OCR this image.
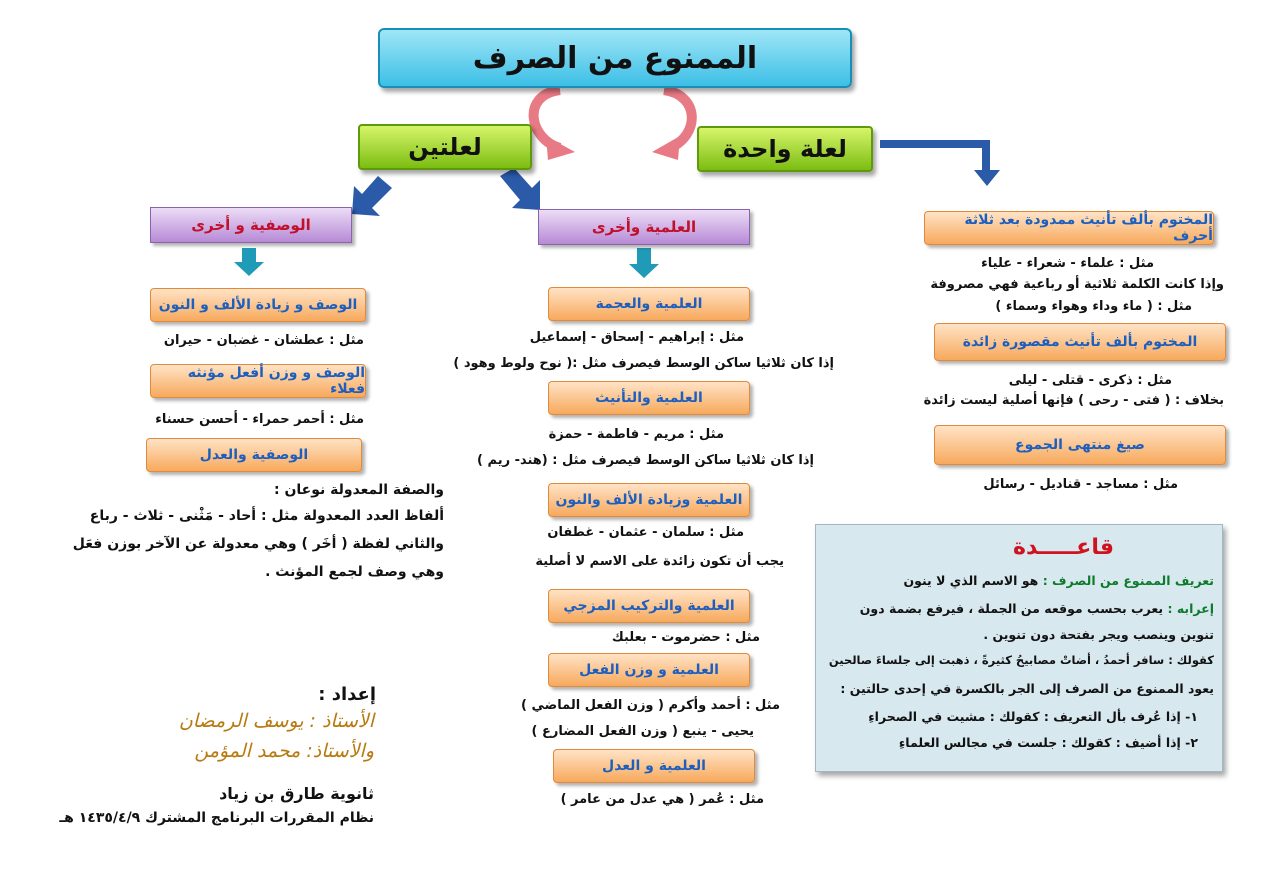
الممنوع من الصرف
لعلة واحدة
لعلتين
العلمية وأخرى
الوصفية و أخرى	المختوم بألف تأنيث ممدودة بعد ثلاثة أحرف
مثل : علماء - شعراء - علياء
وإذا كانت الكلمة ثلاثية أو رباعية فهي مصروفة
مثل : ( ماء وداء وهواء وسماء )
المختوم بألف تأنيث مقصورة زائدة
مثل : ذكرى - قتلى - ليلى
بخلاف : ( فتى - رحى ) فإنها أصلية ليست زائدة
صيغ منتهى الجموع
مثل : مساجد - قناديل - رسائل
العلمية والعجمة
مثل : إبراهيم - إسحاق - إسماعيل
إذا كان ثلاثيا ساكن الوسط فيصرف مثل :( نوح ولوط وهود )
العلمية والتأنيث
مثل : مريم - فاطمة - حمزة
إذا كان ثلاثيا ساكن الوسط فيصرف مثل : (هند- ريم )
العلمية وزيادة الألف والنون
مثل : سلمان - عثمان - غطفان
يجب أن تكون زائدة على الاسم لا أصلية
العلمية والتركيب المزجي
مثل : حضرموت - بعلبك
العلمية و وزن الفعل
مثل : أحمد وأكرم ( وزن الفعل الماضي )
يحيى - ينبع ( وزن الفعل المضارع )
العلمية و العدل
مثل : عُمر ( هي عدل من عامر )
الوصف و زيادة الألف و النون
مثل : عطشان - غضبان - حيران
الوصف و وزن أفعل مؤنثه فعلاء
مثل : أحمر حمراء - أحسن حسناء
الوصفية والعدل
والصفة المعدولة نوعان :
ألفاظ العدد المعدولة مثل : أحاد - مَثْنى - ثلاث - رباع
والثاني لفظة ( أخَر ) وهي معدولة عن الآخر بوزن فعَل
وهي وصف لجمع المؤنث .
قاعـــــدة
تعريف الممنوع من الصرف : هو الاسم الذي لا ينون
إعرابه : يعرب بحسب موقعه من الجملة ، فيرفع بضمة دون
تنوين وينصب ويجر بفتحة دون تنوين .
كقولك : سافر أحمدُ ، أضاتْ مصابيحُ كثيرةً ، ذهبت إلى جلساءَ صالحين
يعود الممنوع من الصرف إلى الجر بالكسرة في إحدى حالتين :
١- إذا عُرف بأل التعريف : كقولك : مشيت في الصحراءِ
٢- إذا أضيف : كقولك : جلست في مجالس العلماءِ
إعداد :
الأستاذ : يوسف الرمضان
والأستاذ: محمد المؤمن
ثانوية طارق بن زياد
نظام المقررات البرنامج المشترك ١٤٣٥/٤/٩ هـ
